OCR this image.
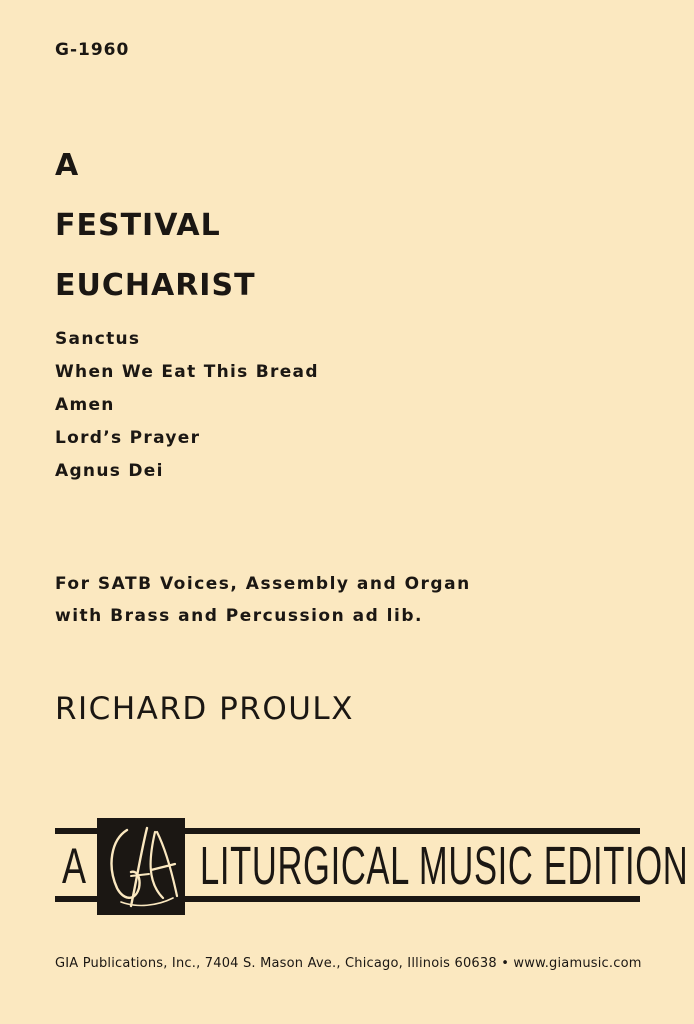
G-1960
A
FESTIVAL
EUCHARIST
Sanctus
When We Eat This Bread
Amen
Lord’s Prayer
Agnus Dei
For SATB Voices, Assembly and Organ
with Brass and Percussion ad lib.
RICHARD PROULX
A LITURGICAL MUSIC EDITION
GIA Publications, Inc., 7404 S. Mason Ave., Chicago, Illinois 60638 • www.giamusic.com
